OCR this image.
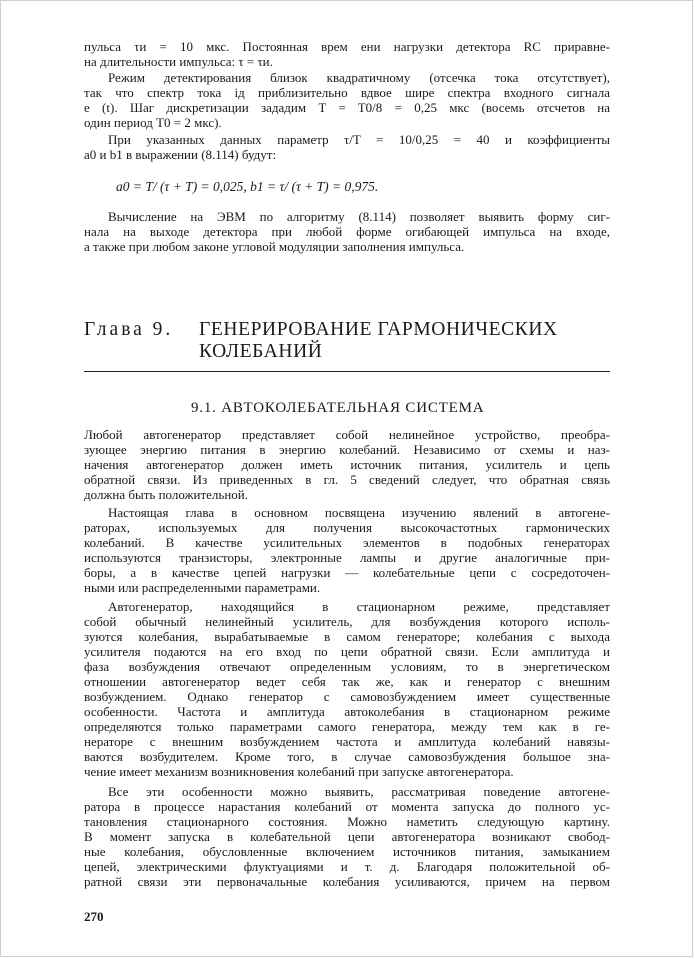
пульса τи = 10 мкс. Постоянная врем ени нагрузки детектора RC приравне-
на длительности импульса: τ = τи.
Режим детектирования близок квадратичному (отсечка тока отсутствует),
так что спектр тока iд приблизительно вдвое шире спектра входного сигнала
e (t). Шаг дискретизации зададим T = T0/8 = 0,25 мкс (восемь отсчетов на
один период T0 = 2 мкс).
При указанных данных параметр τ/T = 10/0,25 = 40 и коэффициенты
a0 и b1 в выражении (8.114) будут:
a0 = T/ (τ + T) = 0,025, b1 = τ/ (τ + T) = 0,975.
Вычисление на ЭВМ по алгоритму (8.114) позволяет выявить форму сиг-
нала на выходе детектора при любой форме огибающей импульса на входе,
а также при любом законе угловой модуляции заполнения импульса.
Глава 9. ГЕНЕРИРОВАНИЕ ГАРМОНИЧЕСКИХ
КОЛЕБАНИЙ
9.1. АВТОКОЛЕБАТЕЛЬНАЯ СИСТЕМА
Любой автогенератор представляет собой нелинейное устройство, преобра-
зующее энергию питания в энергию колебаний. Независимо от схемы и наз-
начения автогенератор должен иметь источник питания, усилитель и цепь
обратной связи. Из приведенных в гл. 5 сведений следует, что обратная связь
должна быть положительной.
Настоящая глава в основном посвящена изучению явлений в автогене-
раторах, используемых для получения высокочастотных гармонических
колебаний. В качестве усилительных элементов в подобных генераторах
используются транзисторы, электронные лампы и другие аналогичные при-
боры, а в качестве цепей нагрузки — колебательные цепи с сосредоточен-
ными или распределенными параметрами.
Автогенератор, находящийся в стационарном режиме, представляет
собой обычный нелинейный усилитель, для возбуждения которого исполь-
зуются колебания, вырабатываемые в самом генераторе; колебания с выхода
усилителя подаются на его вход по цепи обратной связи. Если амплитуда и
фаза возбуждения отвечают определенным условиям, то в энергетическом
отношении автогенератор ведет себя так же, как и генератор с внешним
возбуждением. Однако генератор с самовозбуждением имеет существенные
особенности. Частота и амплитуда автоколебания в стационарном режиме
определяются только параметрами самого генератора, между тем как в ге-
нераторе с внешним возбуждением частота и амплитуда колебаний навязы-
ваются возбудителем. Кроме того, в случае самовозбуждения большое зна-
чение имеет механизм возникновения колебаний при запуске автогенератора.
Все эти особенности можно выявить, рассматривая поведение автогене-
ратора в процессе нарастания колебаний от момента запуска до полного ус-
тановления стационарного состояния. Можно наметить следующую картину.
В момент запуска в колебательной цепи автогенератора возникают свобод-
ные колебания, обусловленные включением источников питания, замыканием
цепей, электрическими флуктуациями и т. д. Благодаря положительной об-
ратной связи эти первоначальные колебания усиливаются, причем на первом
270
